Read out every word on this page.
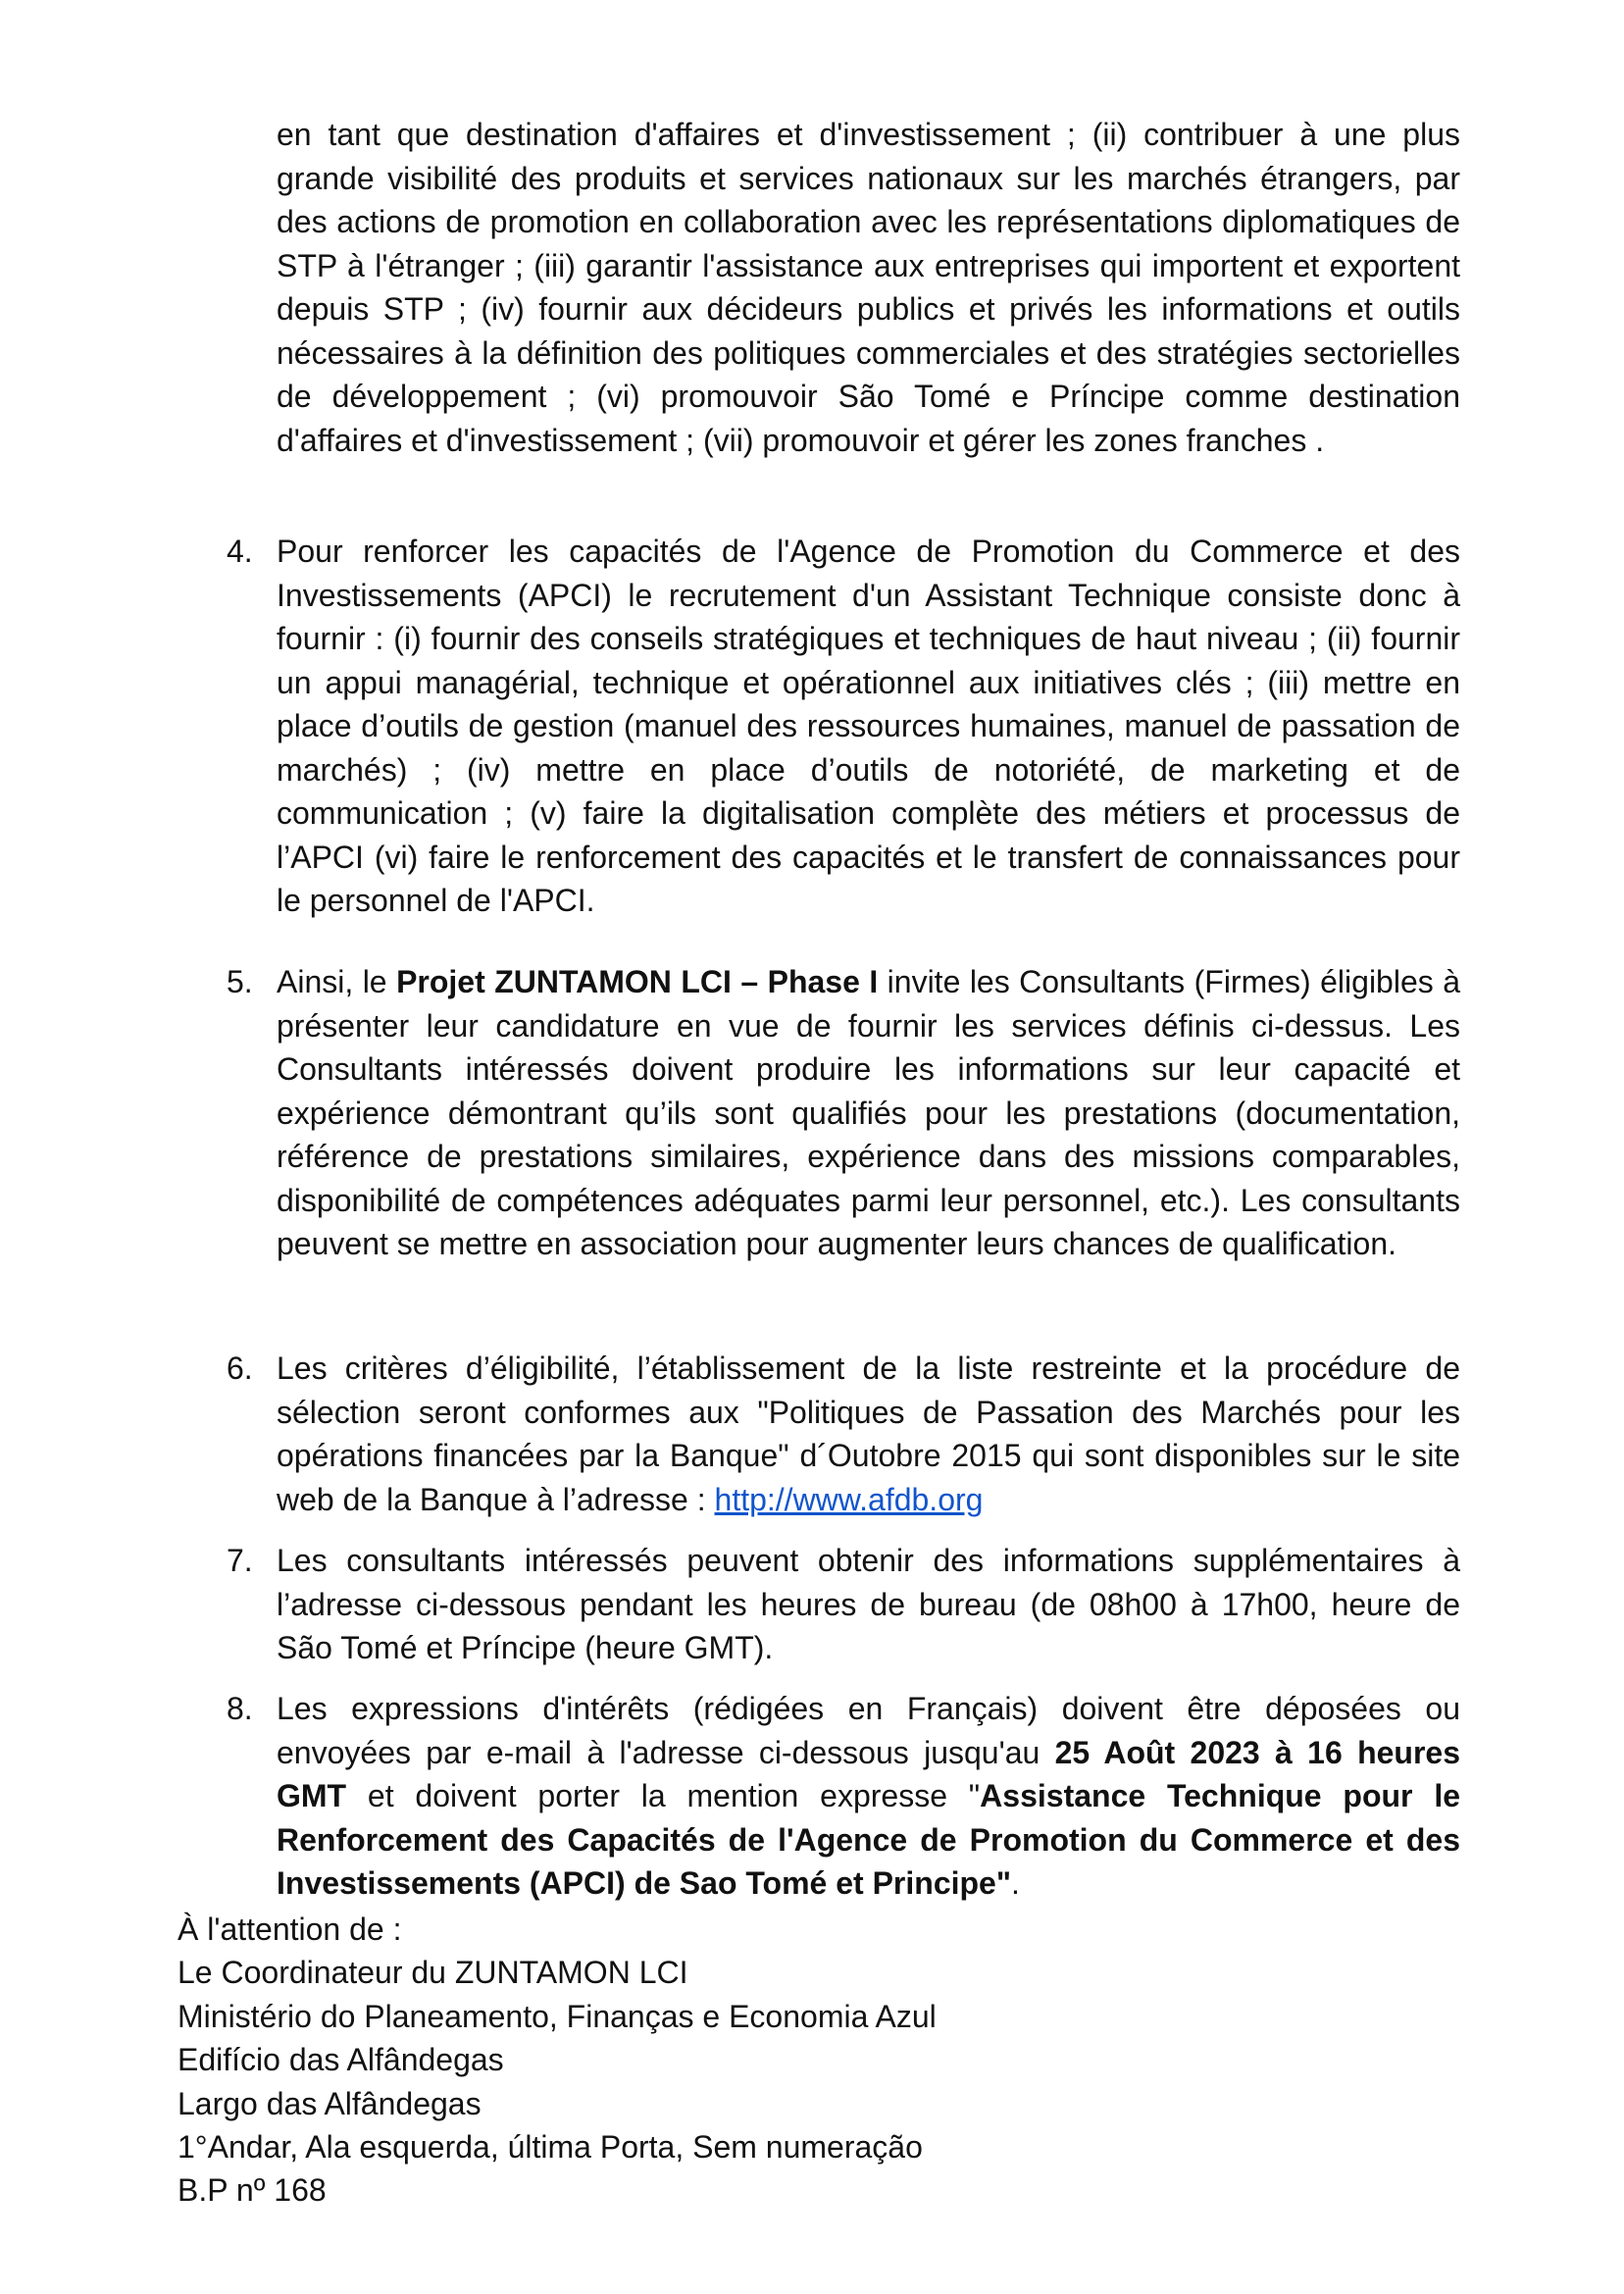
en tant que destination d'affaires et d'investissement ; (ii) contribuer à une plus grande visibilité des produits et services nationaux sur les marchés étrangers, par des actions de promotion en collaboration avec les représentations diplomatiques de STP à l'étranger ; (iii) garantir l'assistance aux entreprises qui importent et exportent depuis STP ; (iv) fournir aux décideurs publics et privés les informations et outils nécessaires à la définition des politiques commerciales et des stratégies sectorielles de développement ; (vi) promouvoir São Tomé e Príncipe comme destination d'affaires et d'investissement ; (vii) promouvoir et gérer les zones franches .
4. Pour renforcer les capacités de l'Agence de Promotion du Commerce et des Investissements (APCI) le recrutement d'un Assistant Technique consiste donc à fournir : (i) fournir des conseils stratégiques et techniques de haut niveau ; (ii) fournir un appui managérial, technique et opérationnel aux initiatives clés ; (iii) mettre en place d’outils de gestion (manuel des ressources humaines, manuel de passation de marchés) ; (iv) mettre en place d’outils de notoriété, de marketing et de communication ; (v) faire la digitalisation complète des métiers et processus de l’APCI (vi) faire le renforcement des capacités et le transfert de connaissances pour le personnel de l'APCI.
5. Ainsi, le Projet ZUNTAMON LCI – Phase I invite les Consultants (Firmes) éligibles à présenter leur candidature en vue de fournir les services définis ci-dessus. Les Consultants intéressés doivent produire les informations sur leur capacité et expérience démontrant qu’ils sont qualifiés pour les prestations (documentation, référence de prestations similaires, expérience dans des missions comparables, disponibilité de compétences adéquates parmi leur personnel, etc.). Les consultants peuvent se mettre en association pour augmenter leurs chances de qualification.
6. Les critères d’éligibilité, l’établissement de la liste restreinte et la procédure de sélection seront conformes aux "Politiques de Passation des Marchés pour les opérations financées par la Banque" d´Outobre 2015 qui sont disponibles sur le site web de la Banque à l’adresse : http://www.afdb.org
7. Les consultants intéressés peuvent obtenir des informations supplémentaires à l’adresse ci-dessous pendant les heures de bureau (de 08h00 à 17h00, heure de São Tomé et Príncipe (heure GMT).
8. Les expressions d'intérêts (rédigées en Français) doivent être déposées ou envoyées par e-mail à l'adresse ci-dessous jusqu'au 25 Août 2023 à 16 heures GMT et doivent porter la mention expresse "Assistance Technique pour le Renforcement des Capacités de l'Agence de Promotion du Commerce et des Investissements (APCI) de Sao Tomé et Principe".
À l'attention de :
Le Coordinateur du ZUNTAMON LCI
Ministério do Planeamento, Finanças e Economia Azul
Edifício das Alfândegas
Largo das Alfândegas
1°Andar, Ala esquerda, última Porta, Sem numeração
B.P nº 168
